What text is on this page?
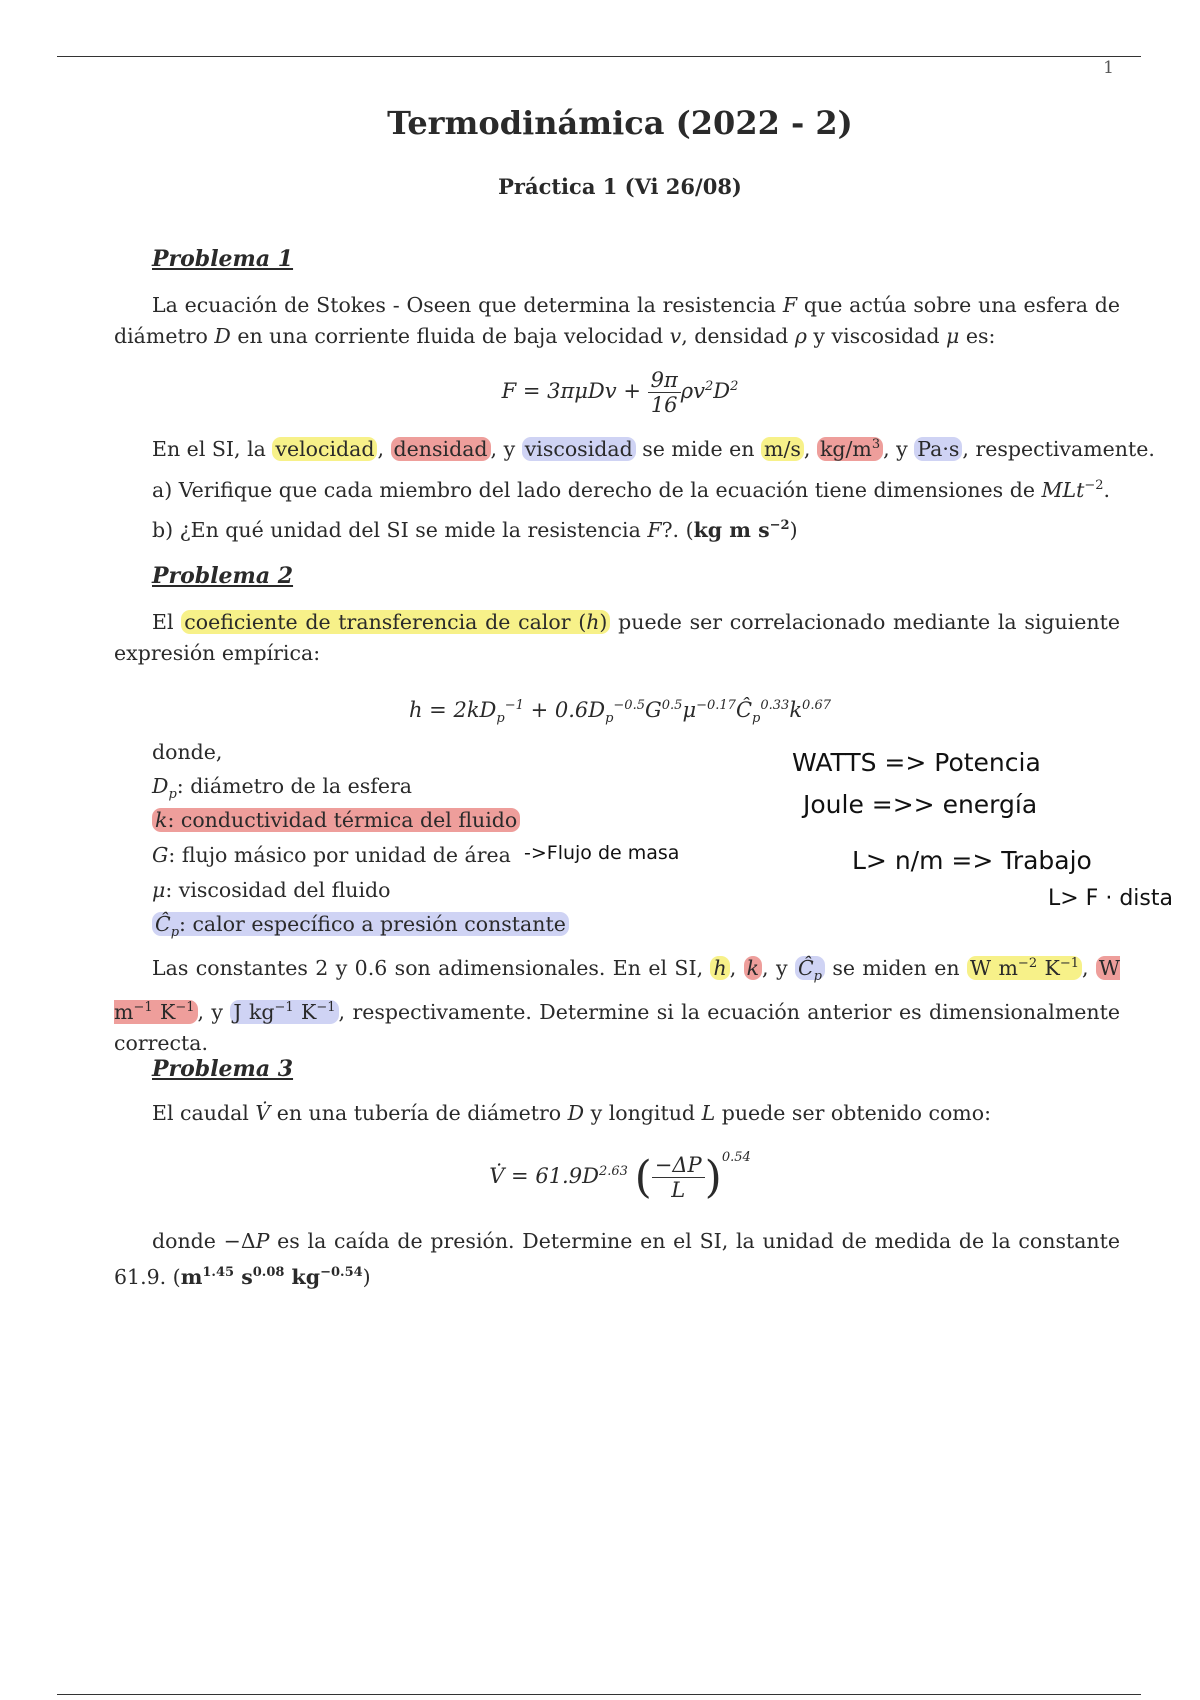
1
Termodinámica (2022 - 2)
Práctica 1 (Vi 26/08)
Problema 1
La ecuación de Stokes - Oseen que determina la resistencia F que actúa sobre una esfera de diámetro D en una corriente fluida de baja velocidad v, densidad ρ y viscosidad μ es:
$F = 3\pi\mu Dv + \frac{9\pi}{16} \rho v^2D^2$
En el SI, la velocidad , densidad , y viscosidad se mide en m/s , $kg/m^3$ , y Pa·s , respectivamente.
a) Verifique que cada miembro del lado derecho de la ecuación tiene dimensiones de MLt$^{-2}$.
b) ¿En qué unidad del SI se mide la resistencia F?. (kg m $s^{-2}$)
Problema 2
El coeficiente de transferencia de calor (h) puede ser correlacionado mediante la siguiente expresión empírica:
$h = 2kD_p^{-1}$ + $0.6D_p^{-0.5}G^{0.5}\mu^{-0.17}Ĉ_p^{0.33}k^{0.67}$
donde,
$D_p$: diámetro de la esfera
k: conductividad térmica del fluido
G: flujo másico por unidad de área
μ: viscosidad del fluido
$Ĉ_p$: calor específico a presión constante
Las constantes 2 y 0.6 son adimensionales. En el SI, h , k , y $Ĉ_p$ se miden en W $m^{-2}$ $K^{-1}$ , W $m^{-1}$ $K^{-1}$ , y J $kg^{-1}$ $K^{-1}$ , respectivamente. Determine si la ecuación anterior es dimensionalmente correcta.
Problema 3
El caudal V̇ en una tubería de diámetro D y longitud L puede ser obtenido como:
V̇ = $61.9D^{2.63}$ ( $\frac{-\Delta P}{L} )^{0.54}$
donde −ΔP es la caída de presión. Determine en el SI, la unidad de medida de la constante 61.9. ($m^{1.45}$ $s^{0.08}$ $kg^{-0.54}$)
->Flujo de masa
WATTS => Potencia
Joule =>> energía
L> n/m => Trabajo
L> F · dista
